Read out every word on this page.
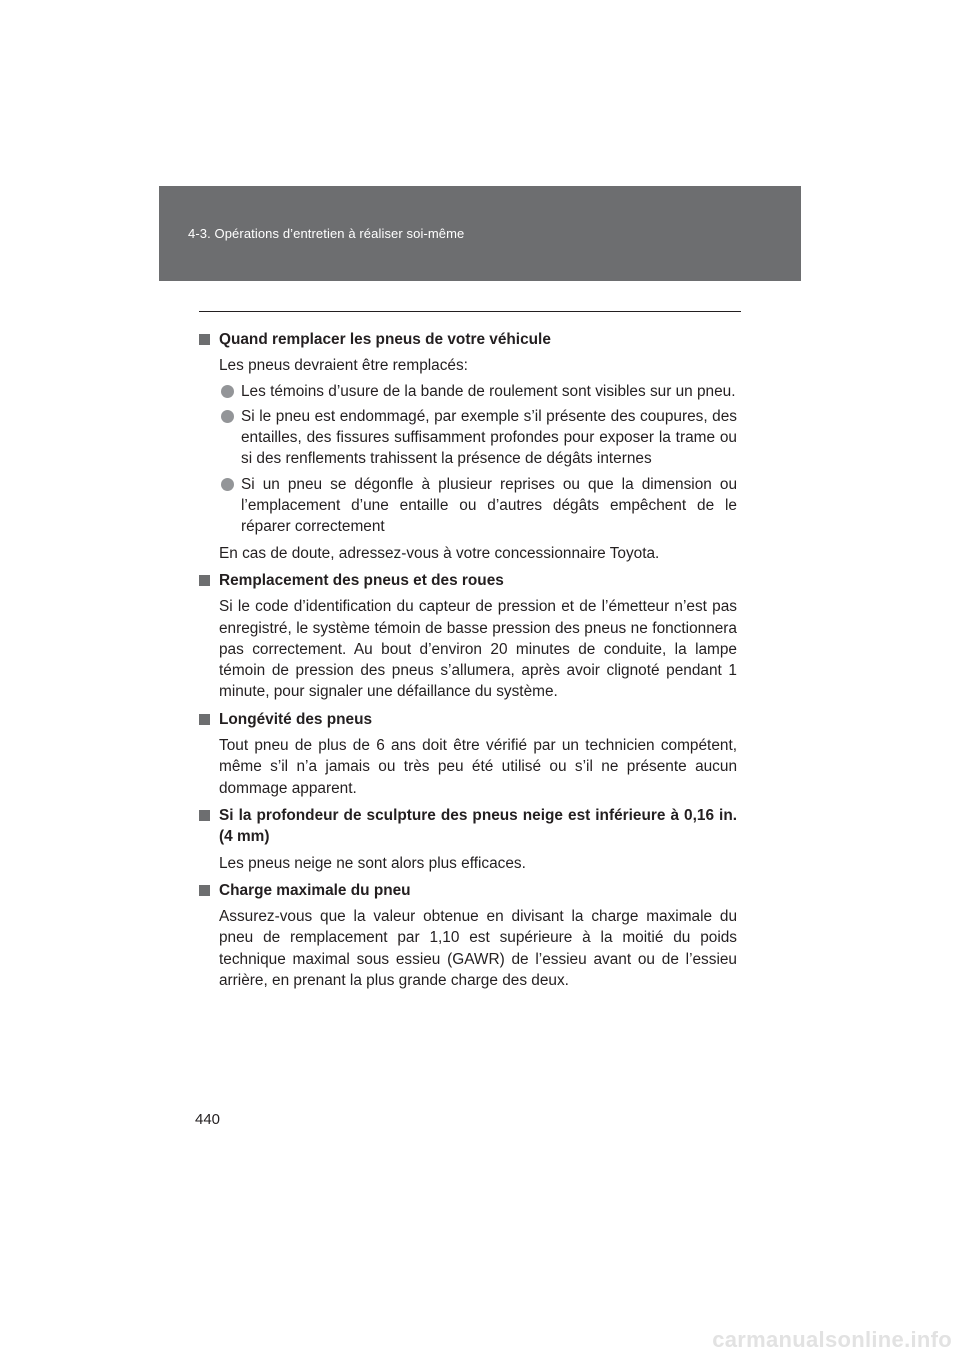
4-3. Opérations d’entretien à réaliser soi-même
Quand remplacer les pneus de votre véhicule
Les pneus devraient être remplacés:
Les témoins d’usure de la bande de roulement sont visibles sur un pneu.
Si le pneu est endommagé, par exemple s’il présente des coupures, des entailles, des fissures suffisamment profondes pour exposer la trame ou si des renflements trahissent la présence de dégâts internes
Si un pneu se dégonfle à plusieur reprises ou que la dimension ou l’emplacement d’une entaille ou d’autres dégâts empêchent de le réparer correctement
En cas de doute, adressez-vous à votre concessionnaire Toyota.
Remplacement des pneus et des roues
Si le code d’identification du capteur de pression et de l’émetteur n’est pas enregistré, le système témoin de basse pression des pneus ne fonctionnera pas correctement. Au bout d’environ 20 minutes de conduite, la lampe témoin de pression des pneus s’allumera, après avoir clignoté pendant 1 minute, pour signaler une défaillance du système.
Longévité des pneus
Tout pneu de plus de 6 ans doit être vérifié par un technicien compétent, même s’il n’a jamais ou très peu été utilisé ou s’il ne présente aucun dommage apparent.
Si la profondeur de sculpture des pneus neige est inférieure à 0,16 in. (4 mm)
Les pneus neige ne sont alors plus efficaces.
Charge maximale du pneu
Assurez-vous que la valeur obtenue en divisant la charge maximale du pneu de remplacement par 1,10 est supérieure à la moitié du poids technique maximal sous essieu (GAWR) de l’essieu avant ou de l’essieu arrière, en prenant la plus grande charge des deux.
440
carmanualsonline.info
